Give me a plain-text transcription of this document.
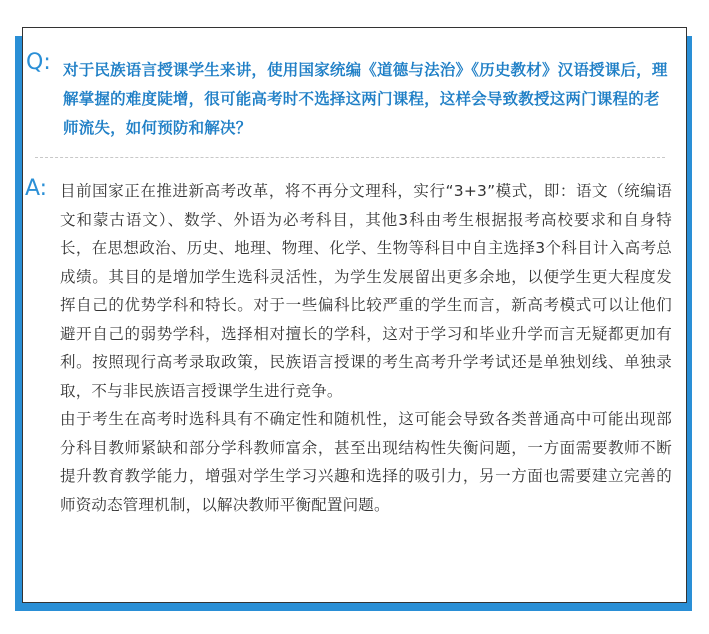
Q: 对于民族语言授课学生来讲，使用国家统编《道德与法治》《历史教材》汉语授课后，理解掌握的难度陡增，很可能高考时不选择这两门课程，这样会导致教授这两门课程的老师流失，如何预防和解决？

A: 目前国家正在推进新高考改革，将不再分文理科，实行“3+3”模式，即：语文（统编语文和蒙古语文）、数学、外语为必考科目，其他3科由考生根据报考高校要求和自身特长，在思想政治、历史、地理、物理、化学、生物等科目中自主选择3个科目计入高考总成绩。其目的是增加学生选科灵活性，为学生发展留出更多余地，以便学生更大程度发挥自己的优势学科和特长。对于一些偏科比较严重的学生而言，新高考模式可以让他们避开自己的弱势学科，选择相对擅长的学科，这对于学习和毕业升学而言无疑都更加有利。按照现行高考录取政策，民族语言授课的考生高考升学考试还是单独划线、单独录取，不与非民族语言授课学生进行竞争。

由于考生在高考时选科具有不确定性和随机性，这可能会导致各类普通高中可能出现部分科目教师紧缺和部分学科教师富余，甚至出现结构性失衡问题，一方面需要教师不断提升教育教学能力，增强对学生学习兴趣和选择的吸引力，另一方面也需要建立完善的师资动态管理机制，以解决教师平衡配置问题。
